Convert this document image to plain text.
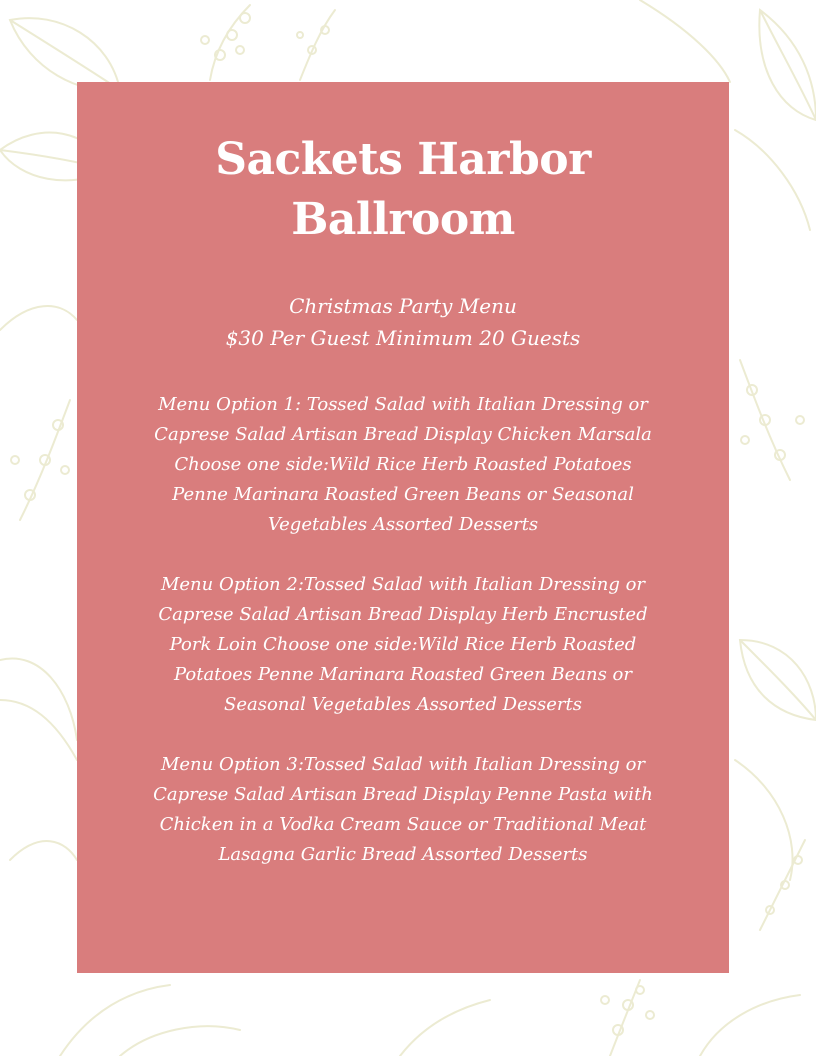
Sackets Harbor Ballroom
Christmas Party Menu
$30 Per Guest Minimum 20 Guests
Menu Option 1: Tossed Salad with Italian Dressing or Caprese Salad Artisan Bread Display Chicken Marsala Choose one side:Wild Rice Herb Roasted Potatoes Penne Marinara Roasted Green Beans or Seasonal Vegetables Assorted Desserts
Menu Option 2:Tossed Salad with Italian Dressing or Caprese Salad Artisan Bread Display Herb Encrusted Pork Loin Choose one side:Wild Rice Herb Roasted Potatoes Penne Marinara Roasted Green Beans or Seasonal Vegetables Assorted Desserts
Menu Option 3:Tossed Salad with Italian Dressing or Caprese Salad Artisan Bread Display Penne Pasta with Chicken in a Vodka Cream Sauce or Traditional Meat Lasagna Garlic Bread Assorted Desserts
